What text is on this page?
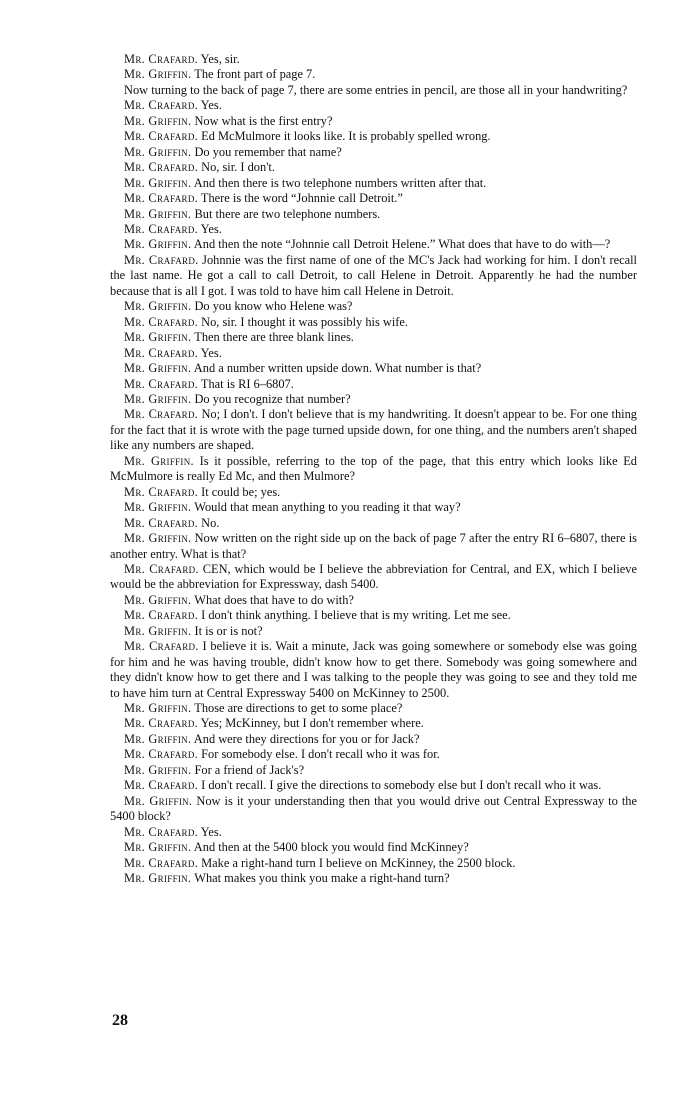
Mr. Crafard. Yes, sir.

Mr. Griffin. The front part of page 7.

Now turning to the back of page 7, there are some entries in pencil, are those all in your handwriting?

Mr. Crafard. Yes.

Mr. Griffin. Now what is the first entry?

Mr. Crafard. Ed McMulmore it looks like. It is probably spelled wrong.

Mr. Griffin. Do you remember that name?

Mr. Crafard. No, sir. I don't.

Mr. Griffin. And then there is two telephone numbers written after that.

Mr. Crafard. There is the word “Johnnie call Detroit.”

Mr. Griffin. But there are two telephone numbers.

Mr. Crafard. Yes.

Mr. Griffin. And then the note “Johnnie call Detroit Helene.” What does that have to do with—?

Mr. Crafard. Johnnie was the first name of one of the MC's Jack had working for him. I don't recall the last name. He got a call to call Detroit, to call Helene in Detroit. Apparently he had the number because that is all I got. I was told to have him call Helene in Detroit.

Mr. Griffin. Do you know who Helene was?

Mr. Crafard. No, sir. I thought it was possibly his wife.

Mr. Griffin. Then there are three blank lines.

Mr. Crafard. Yes.

Mr. Griffin. And a number written upside down. What number is that?

Mr. Crafard. That is RI 6–6807.

Mr. Griffin. Do you recognize that number?

Mr. Crafard. No; I don't. I don't believe that is my handwriting. It doesn't appear to be. For one thing for the fact that it is wrote with the page turned upside down, for one thing, and the numbers aren't shaped like any numbers are shaped.

Mr. Griffin. Is it possible, referring to the top of the page, that this entry which looks like Ed McMulmore is really Ed Mc, and then Mulmore?

Mr. Crafard. It could be; yes.

Mr. Griffin. Would that mean anything to you reading it that way?

Mr. Crafard. No.

Mr. Griffin. Now written on the right side up on the back of page 7 after the entry RI 6–6807, there is another entry. What is that?

Mr. Crafard. CEN, which would be I believe the abbreviation for Central, and EX, which I believe would be the abbreviation for Expressway, dash 5400.

Mr. Griffin. What does that have to do with?

Mr. Crafard. I don't think anything. I believe that is my writing. Let me see.

Mr. Griffin. It is or is not?

Mr. Crafard. I believe it is. Wait a minute, Jack was going somewhere or somebody else was going for him and he was having trouble, didn't know how to get there. Somebody was going somewhere and they didn't know how to get there and I was talking to the people they was going to see and they told me to have him turn at Central Expressway 5400 on McKinney to 2500.

Mr. Griffin. Those are directions to get to some place?

Mr. Crafard. Yes; McKinney, but I don't remember where.

Mr. Griffin. And were they directions for you or for Jack?

Mr. Crafard. For somebody else. I don't recall who it was for.

Mr. Griffin. For a friend of Jack's?

Mr. Crafard. I don't recall. I give the directions to somebody else but I don't recall who it was.

Mr. Griffin. Now is it your understanding then that you would drive out Central Expressway to the 5400 block?

Mr. Crafard. Yes.

Mr. Griffin. And then at the 5400 block you would find McKinney?

Mr. Crafard. Make a right-hand turn I believe on McKinney, the 2500 block.

Mr. Griffin. What makes you think you make a right-hand turn?

28
